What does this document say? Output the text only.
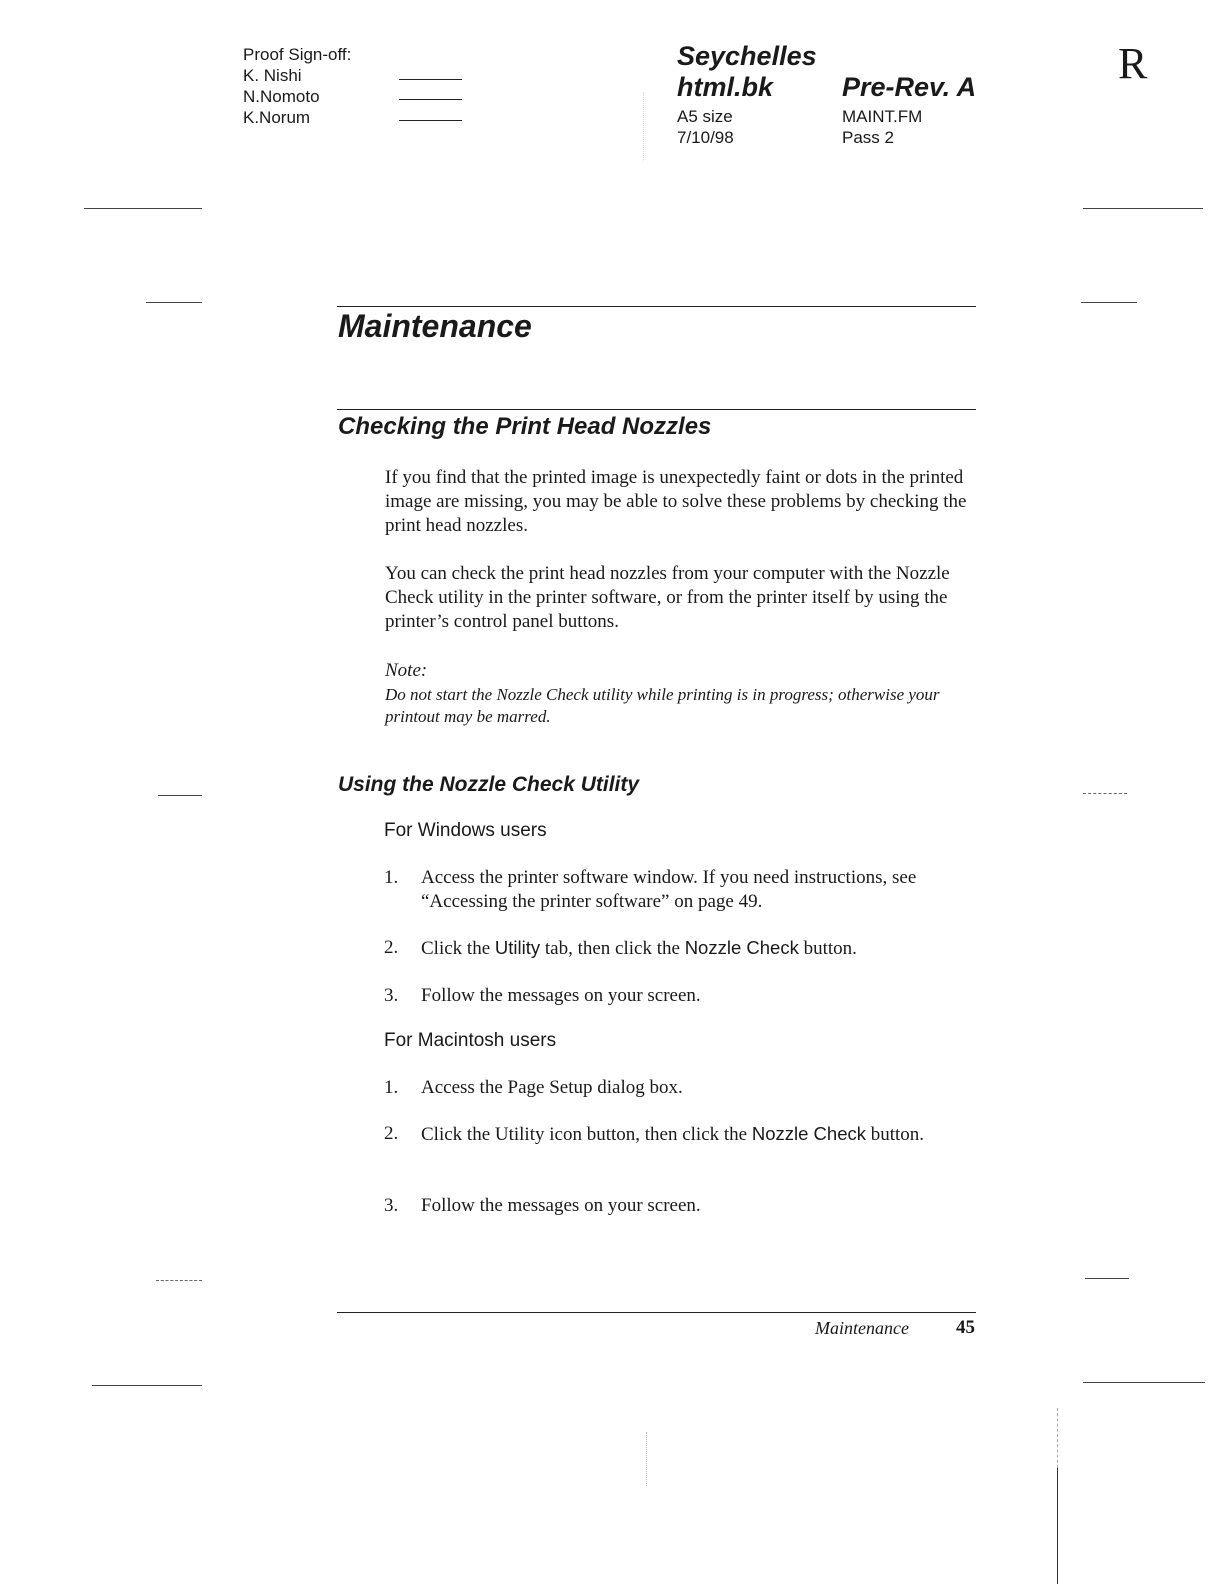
Proof Sign-off:
K. Nishi
N.Nomoto
K.Norum
Seychelles
html.bk	Pre-Rev. A
A5 size
7/10/98
MAINT.FM
Pass 2
R
Maintenance
Checking the Print Head Nozzles
If you find that the printed image is unexpectedly faint or dots in the printed image are missing, you may be able to solve these problems by checking the print head nozzles.
You can check the print head nozzles from your computer with the Nozzle Check utility in the printer software, or from the printer itself by using the printer’s control panel buttons.
Note:
Do not start the Nozzle Check utility while printing is in progress; otherwise your printout may be marred.
Using the Nozzle Check Utility
For Windows users
1. Access the printer software window. If you need instructions, see “Accessing the printer software” on page 49.
2. Click the Utility tab, then click the Nozzle Check button.
3. Follow the messages on your screen.
For Macintosh users
1. Access the Page Setup dialog box.
2. Click the Utility icon button, then click the Nozzle Check button.
3. Follow the messages on your screen.
Maintenance 45
